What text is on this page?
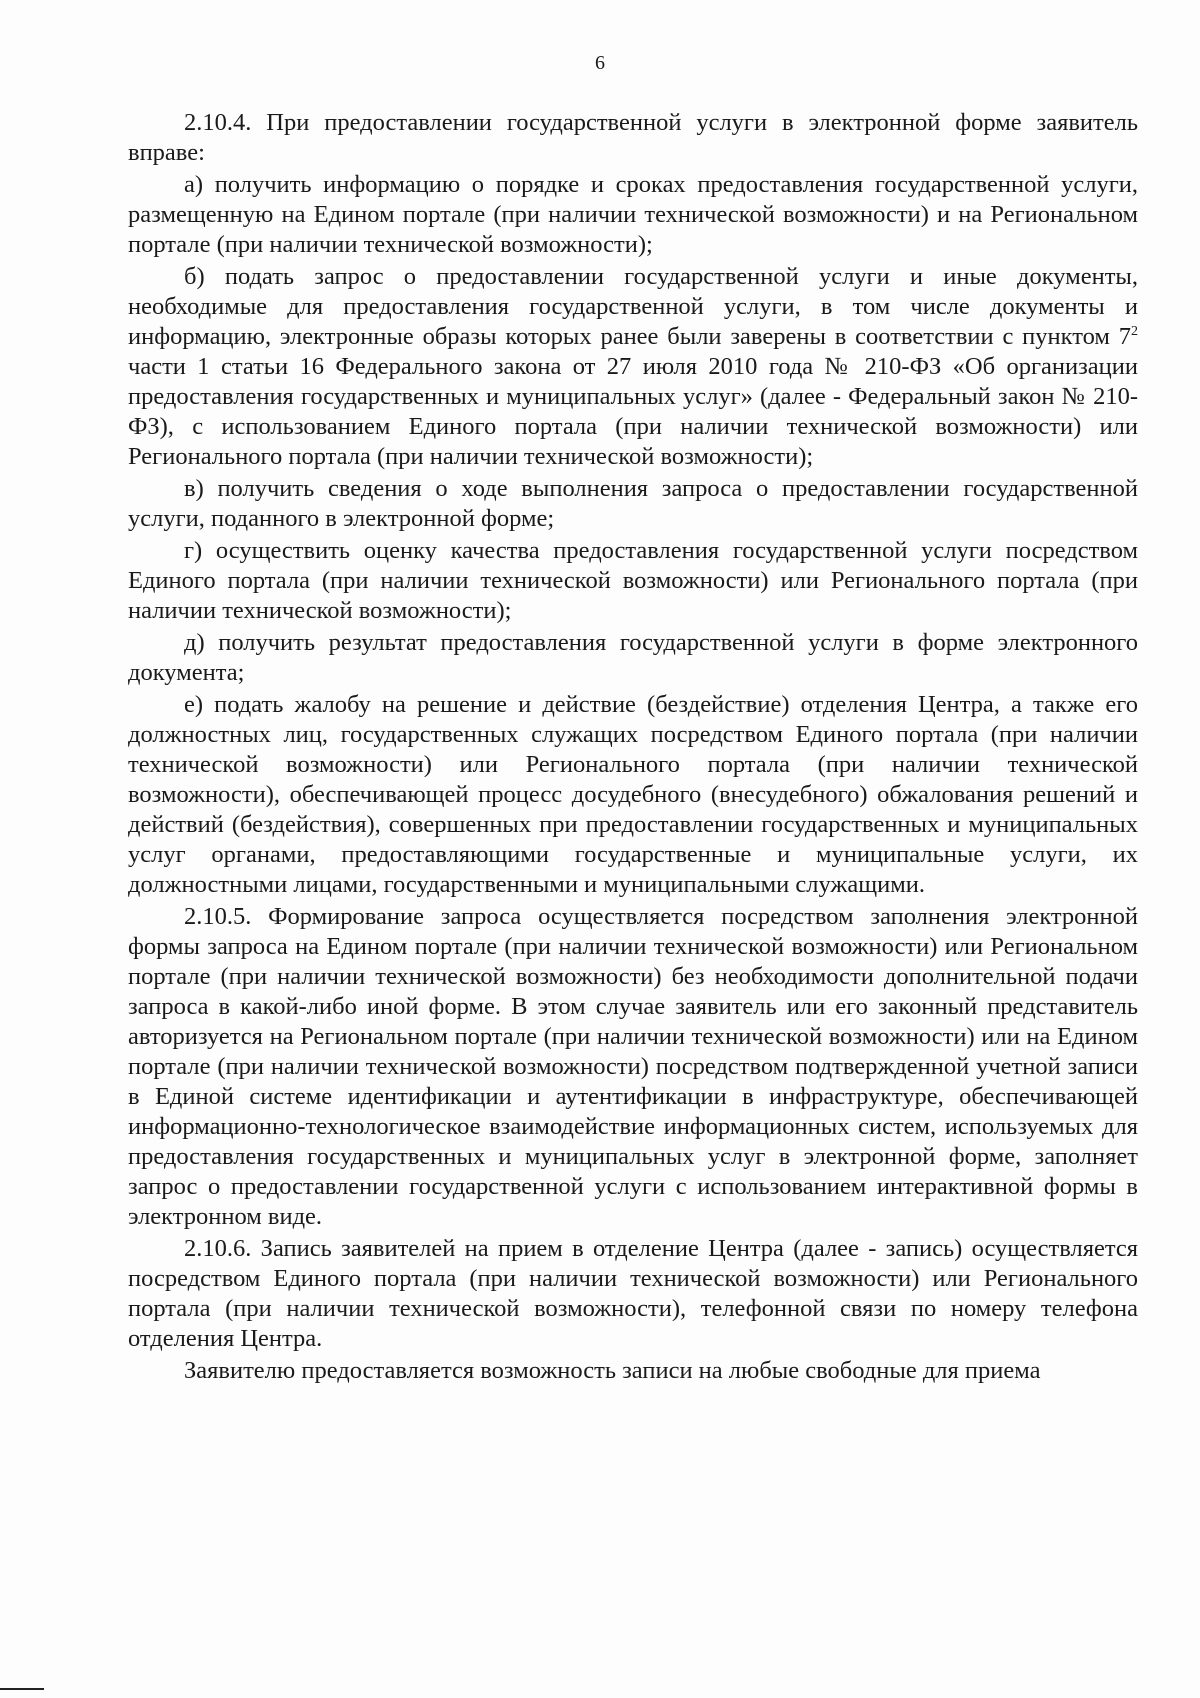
6

2.10.4. При предоставлении государственной услуги в электронной форме заявитель вправе:

а) получить информацию о порядке и сроках предоставления государственной услуги, размещенную на Едином портале (при наличии технической возможности) и на Региональном портале (при наличии технической возможности);

б) подать запрос о предоставлении государственной услуги и иные документы, необходимые для предоставления государственной услуги, в том числе документы и информацию, электронные образы которых ранее были заверены в соответствии с пунктом $7^2$ части 1 статьи 16 Федерального закона от 27 июля 2010 года № 210-ФЗ «Об организации предоставления государственных и муниципальных услуг» (далее - Федеральный закон № 210-ФЗ), с использованием Единого портала (при наличии технической возможности) или Регионального портала (при наличии технической возможности);

в) получить сведения о ходе выполнения запроса о предоставлении государственной услуги, поданного в электронной форме;

г) осуществить оценку качества предоставления государственной услуги посредством Единого портала (при наличии технической возможности) или Регионального портала (при наличии технической возможности);

д) получить результат предоставления государственной услуги в форме электронного документа;

е) подать жалобу на решение и действие (бездействие) отделения Центра, а также его должностных лиц, государственных служащих посредством Единого портала (при наличии технической возможности) или Регионального портала (при наличии технической возможности), обеспечивающей процесс досудебного (внесудебного) обжалования решений и действий (бездействия), совершенных при предоставлении государственных и муниципальных услуг органами, предоставляющими государственные и муниципальные услуги, их должностными лицами, государственными и муниципальными служащими.

2.10.5. Формирование запроса осуществляется посредством заполнения электронной формы запроса на Едином портале (при наличии технической возможности) или Региональном портале (при наличии технической возможности) без необходимости дополнительной подачи запроса в какой-либо иной форме. В этом случае заявитель или его законный представитель авторизуется на Региональном портале (при наличии технической возможности) или на Едином портале (при наличии технической возможности) посредством подтвержденной учетной записи в Единой системе идентификации и аутентификации в инфраструктуре, обеспечивающей информационно-технологическое взаимодействие информационных систем, используемых для предоставления государственных и муниципальных услуг в электронной форме, заполняет запрос о предоставлении государственной услуги с использованием интерактивной формы в электронном виде.

2.10.6. Запись заявителей на прием в отделение Центра (далее - запись) осуществляется посредством Единого портала (при наличии технической возможности) или Регионального портала (при наличии технической возможности), телефонной связи по номеру телефона отделения Центра.

Заявителю предоставляется возможность записи на любые свободные для приема
